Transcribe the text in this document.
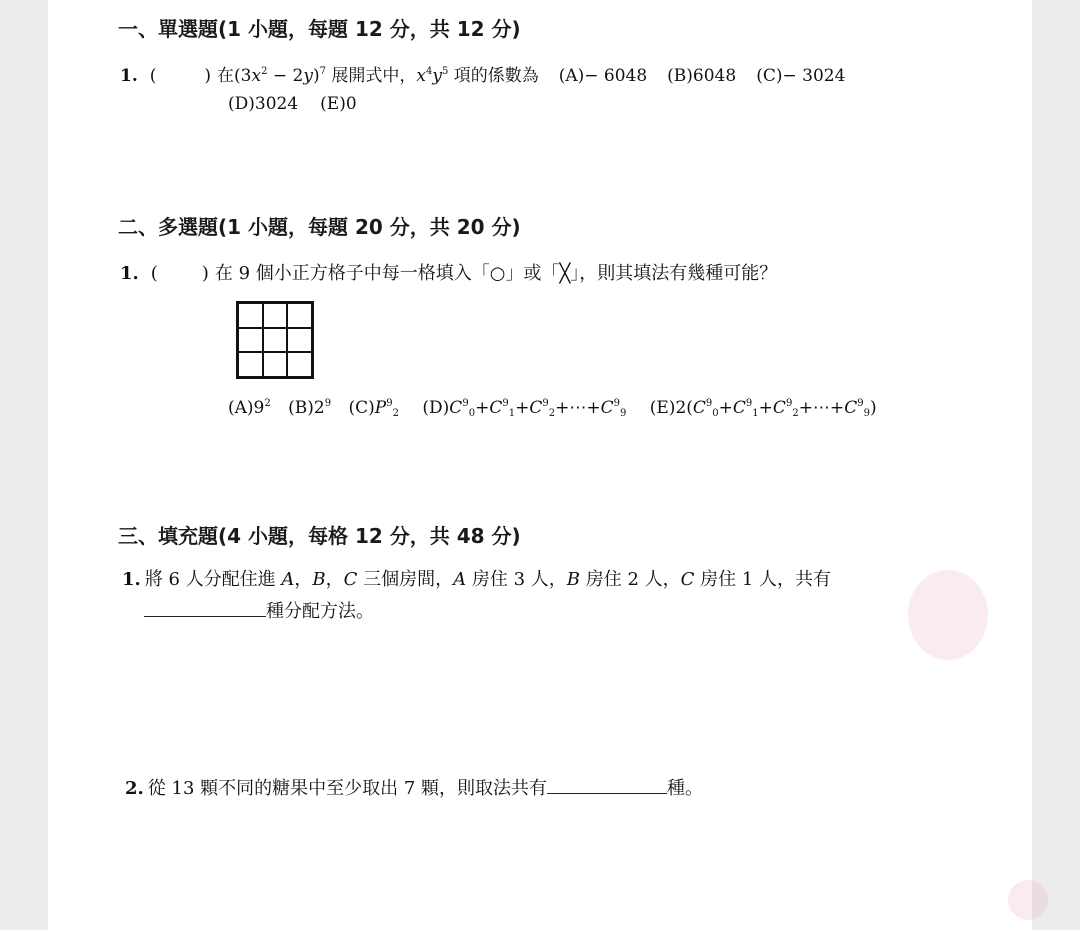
一、單選題(1 小題，每題 12 分，共 12 分)
1. (	) 在$(3x^2 - 2y)^7$ 展開式中，$x^4y^5$ 項的係數為 (A)− 6048 (B)6048 (C)− 3024
(D)3024 (E)0
二、多選題(1 小題，每題 20 分，共 20 分)
1. ( ) 在 9 個小正方格子中每一格填入「○」或「╳」，則其填法有幾種可能？
$(A)9^2$ $(B)2^9$ $(C)P^9_2$ $(D)C^9_0+C^9_1+C^9_2+\cdots+C^9_9$ $(E)2(C^9_0+C^9_1+C^9_2+\cdots+C^9_9)$
三、填充題(4 小題，每格 12 分，共 48 分)
1. 將 6 人分配住進 A，B，C 三個房間，A 房住 3 人，B 房住 2 人，C 房住 1 人，共有
種分配方法。
2. 從 13 顆不同的糖果中至少取出 7 顆，則取法共有	種。
